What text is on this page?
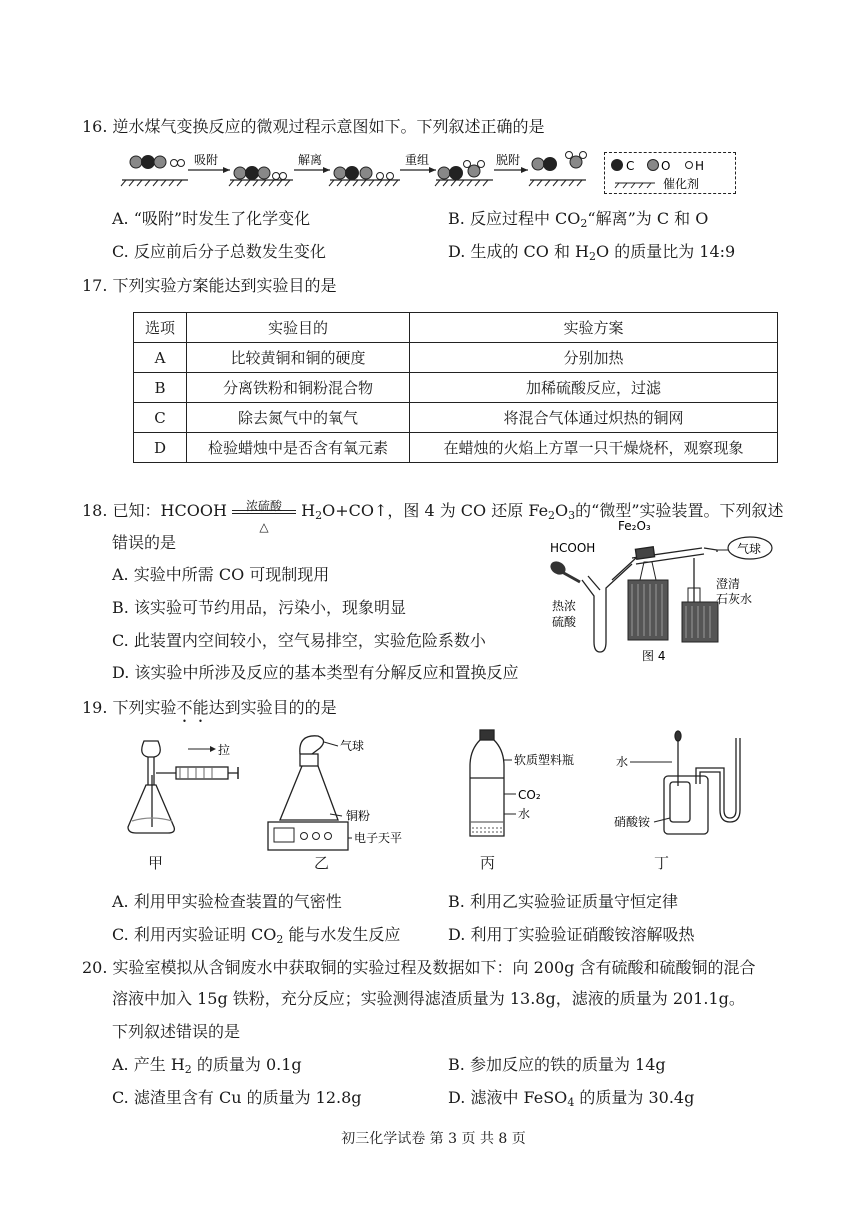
16. 逆水煤气变换反应的微观过程示意图如下。下列叙述正确的是
吸附	解离	重组	脱附	C O H
催化剂
A. “吸附”时发生了化学变化	B. 反应过程中 $CO_2“$解离”为 C 和 O
C. 反应前后分子总数发生变化	D. 生成的 CO 和 $H_2O$ 的质量比为 14:9
17. 下列实验方案能达到实验目的是
选项	实验目的	实验方案
A	比较黄铜和铜的硬度	分别加热
B	分离铁粉和铜粉混合物	加稀硫酸反应，过滤
C	除去氮气中的氧气	将混合气体通过炽热的铜网
D	检验蜡烛中是否含有氧元素	在蜡烛的火焰上方罩一只干燥烧杯，观察现象
18. 已知：HCOOH	浓硫酸
△
$H_2O+CO↑$，图 4 为 CO 还原 $Fe_2O_3$的“微型”实验装置。下列叙述
错误的是
A. 实验中所需 CO 可现制现用
B. 该实验可节约用品，污染小，现象明显
C. 此装置内空间较小，空气易排空，实验危险系数小
D. 该实验中所涉及反应的基本类型有分解反应和置换反应
HCOOH
Fe₂O₃
气球
澄清
石灰水
热浓
硫酸
图 4
19. 下列实验不能达到实验目的的是
拉
甲
气球
铜粉
电子天平
乙
软质塑料瓶
CO₂
水
丙
水
硝酸铵
丁
A. 利用甲实验检查装置的气密性	B. 利用乙实验验证质量守恒定律
C. 利用丙实验证明 $CO_2$ 能与水发生反应	D. 利用丁实验验证硝酸铵溶解吸热
20. 实验室模拟从含铜废水中获取铜的实验过程及数据如下：向 200g 含有硫酸和硫酸铜的混合
溶液中加入 15g 铁粉，充分反应；实验测得滤渣质量为 13.8g，滤液的质量为 201.1g。
下列叙述错误的是
A. 产生 $H_2$ 的质量为 0.1g	B. 参加反应的铁的质量为 14g
C. 滤渣里含有 Cu 的质量为 12.8g	D. 滤液中 FeSO$_4$ 的质量为 30.4g
初三化学试卷 第 3 页 共 8 页
